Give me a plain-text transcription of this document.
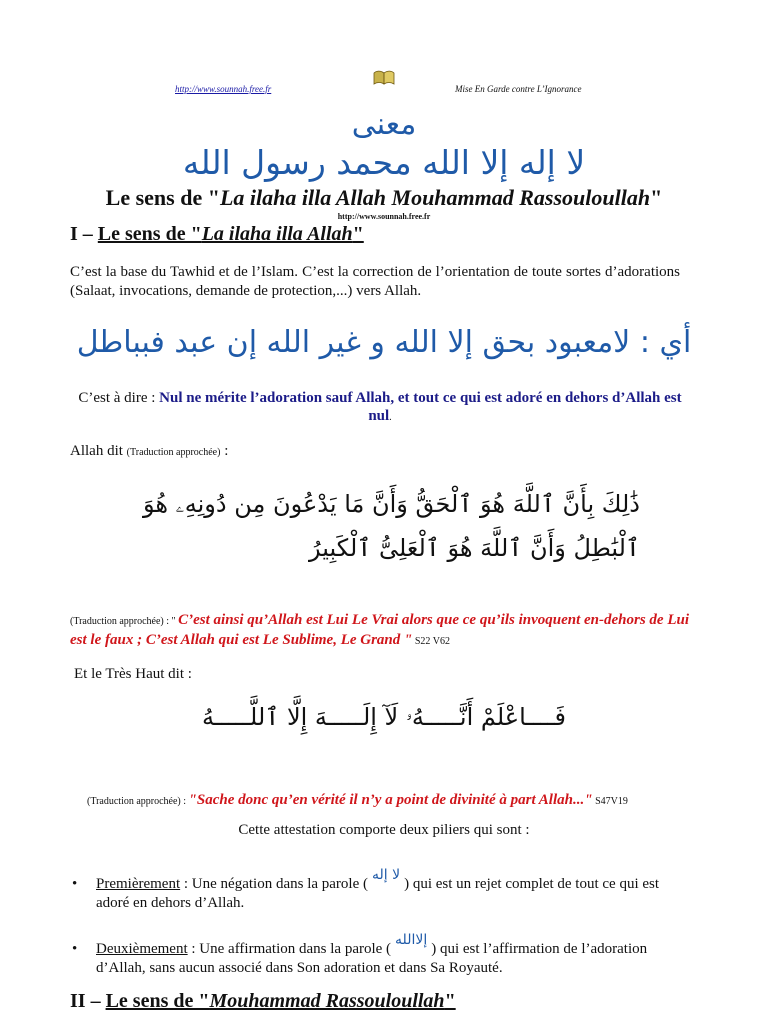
http://www.sounnah.free.fr	Mise En Garde contre L’Ignorance
معنى
لا إله إلا الله محمد رسول الله
Le sens de "La ilaha illa Allah Mouhammad Rassouloullah"
http://www.sounnah.free.fr
I – Le sens de "La ilaha illa Allah"
C’est la base du Tawhid et de l’Islam. C’est la correction de l’orientation de toute sortes d’adorations (Salaat, invocations, demande de protection,...) vers Allah.
أي : لامعبود بحق إلا الله و غير الله إن عبد فبباطل
C’est à dire : Nul ne mérite l’adoration sauf Allah, et tout ce qui est adoré en dehors d’Allah est nul.
Allah dit (Traduction approchée) :
ذَٰلِكَ بِأَنَّ ٱللَّهَ هُوَ ٱلْحَقُّ وَأَنَّ مَا يَدْعُونَ مِن دُونِهِۦ هُوَ ٱلْبَٰطِلُ وَأَنَّ ٱللَّهَ هُوَ ٱلْعَلِىُّ ٱلْكَبِيرُ
(Traduction approchée) : " C’est ainsi qu’Allah est Lui Le Vrai alors que ce qu’ils invoquent en-dehors de Lui est le faux ; C’est Allah qui est Le Sublime, Le Grand " S22 V62
Et le Très Haut dit :
فَــــاعْلَمْ أَنَّـــــهُۥ لَآ إِلَـــــهَ إِلَّا ٱللَّـــــهُ
(Traduction approchée) : "Sache donc qu’en vérité il n’y a point de divinité à part Allah..." S47V19
Cette attestation comporte deux piliers qui sont :
• Premièrement : Une négation dans la parole (لا إله) qui est un rejet complet de tout ce qui est adoré en dehors d’Allah.
• Deuxièmement : Une affirmation dans la parole (إلاالله) qui est l’affirmation de l’adoration d’Allah, sans aucun associé dans Son adoration et dans Sa Royauté.
II – Le sens de "Mouhammad Rassouloullah"
